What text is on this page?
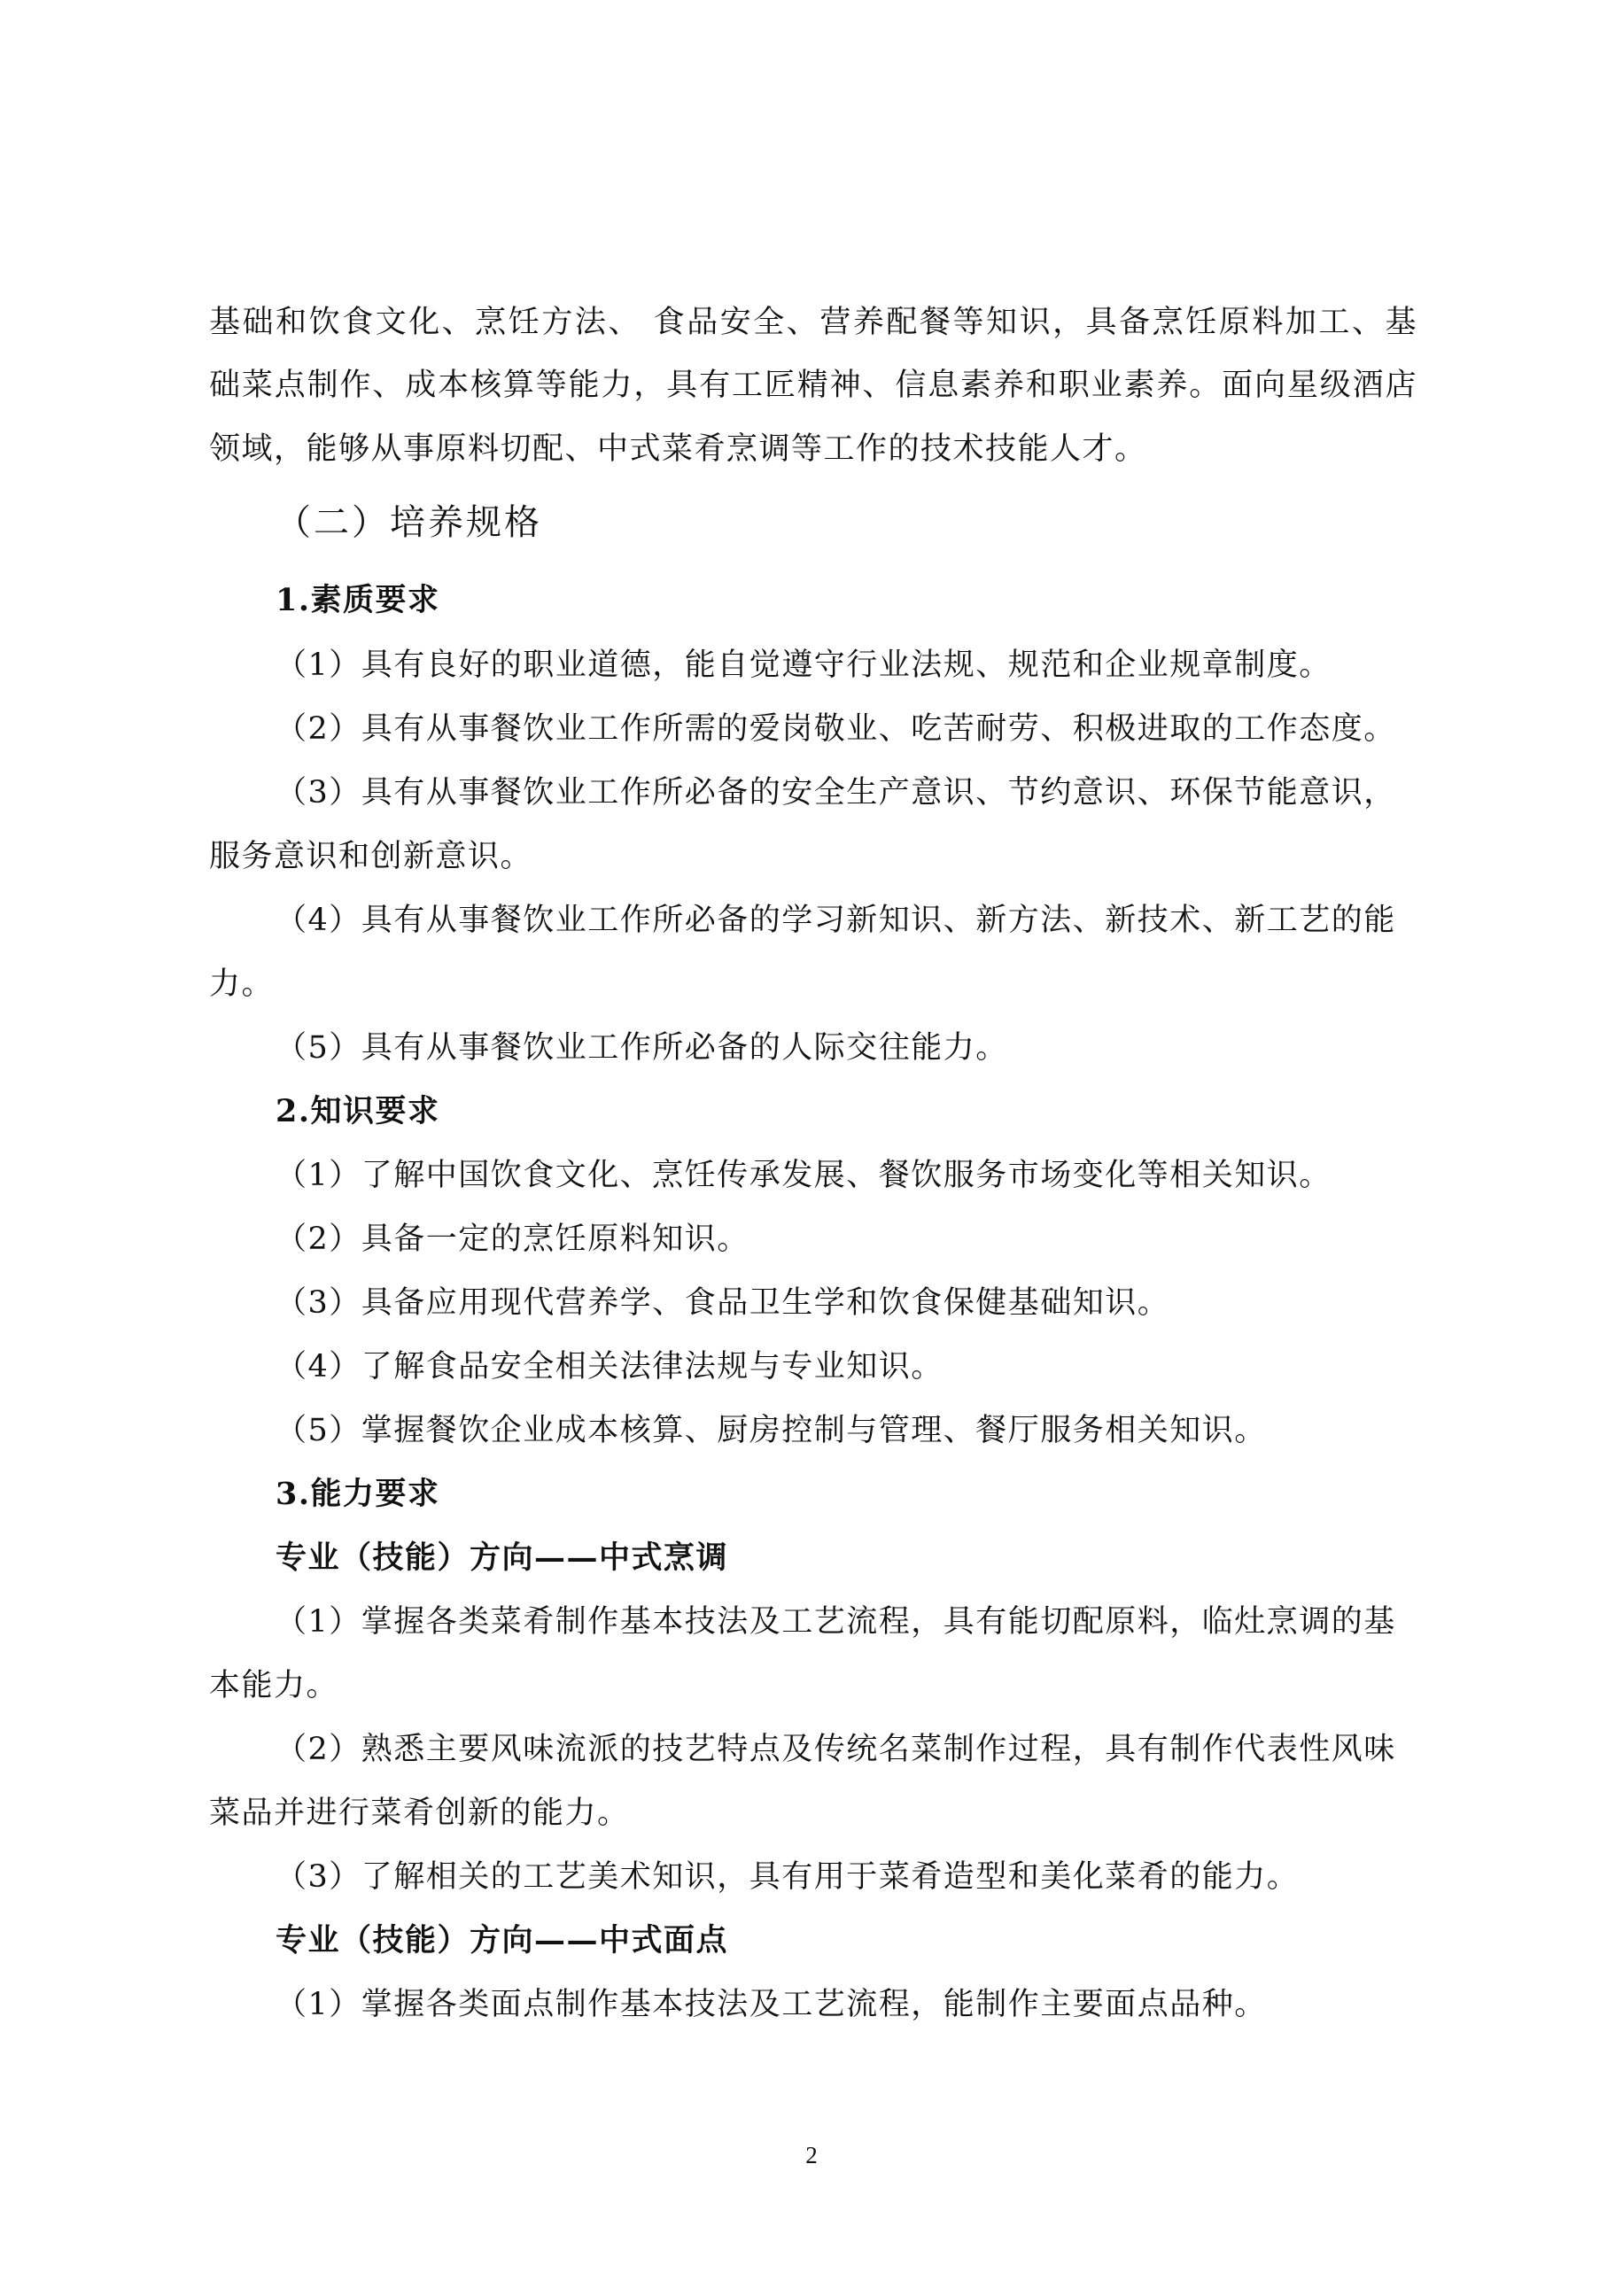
基础和饮食文化、烹饪方法、 食品安全、营养配餐等知识，具备烹饪原料加工、基
础菜点制作、成本核算等能力，具有工匠精神、信息素养和职业素养。面向星级酒店
领域，能够从事原料切配、中式菜肴烹调等工作的技术技能人才。
（二）培养规格
1.素质要求
（1）具有良好的职业道德，能自觉遵守行业法规、规范和企业规章制度。
（2）具有从事餐饮业工作所需的爱岗敬业、吃苦耐劳、积极进取的工作态度。
（3）具有从事餐饮业工作所必备的安全生产意识、节约意识、环保节能意识，
服务意识和创新意识。
（4）具有从事餐饮业工作所必备的学习新知识、新方法、新技术、新工艺的能
力。
（5）具有从事餐饮业工作所必备的人际交往能力。
2.知识要求
（1）了解中国饮食文化、烹饪传承发展、餐饮服务市场变化等相关知识。
（2）具备一定的烹饪原料知识。
（3）具备应用现代营养学、食品卫生学和饮食保健基础知识。
（4）了解食品安全相关法律法规与专业知识。
（5）掌握餐饮企业成本核算、厨房控制与管理、餐厅服务相关知识。
3.能力要求
专业（技能）方向——中式烹调
（1）掌握各类菜肴制作基本技法及工艺流程，具有能切配原料，临灶烹调的基
本能力。
（2）熟悉主要风味流派的技艺特点及传统名菜制作过程，具有制作代表性风味
菜品并进行菜肴创新的能力。
（3）了解相关的工艺美术知识，具有用于菜肴造型和美化菜肴的能力。
专业（技能）方向——中式面点
（1）掌握各类面点制作基本技法及工艺流程，能制作主要面点品种。
2
